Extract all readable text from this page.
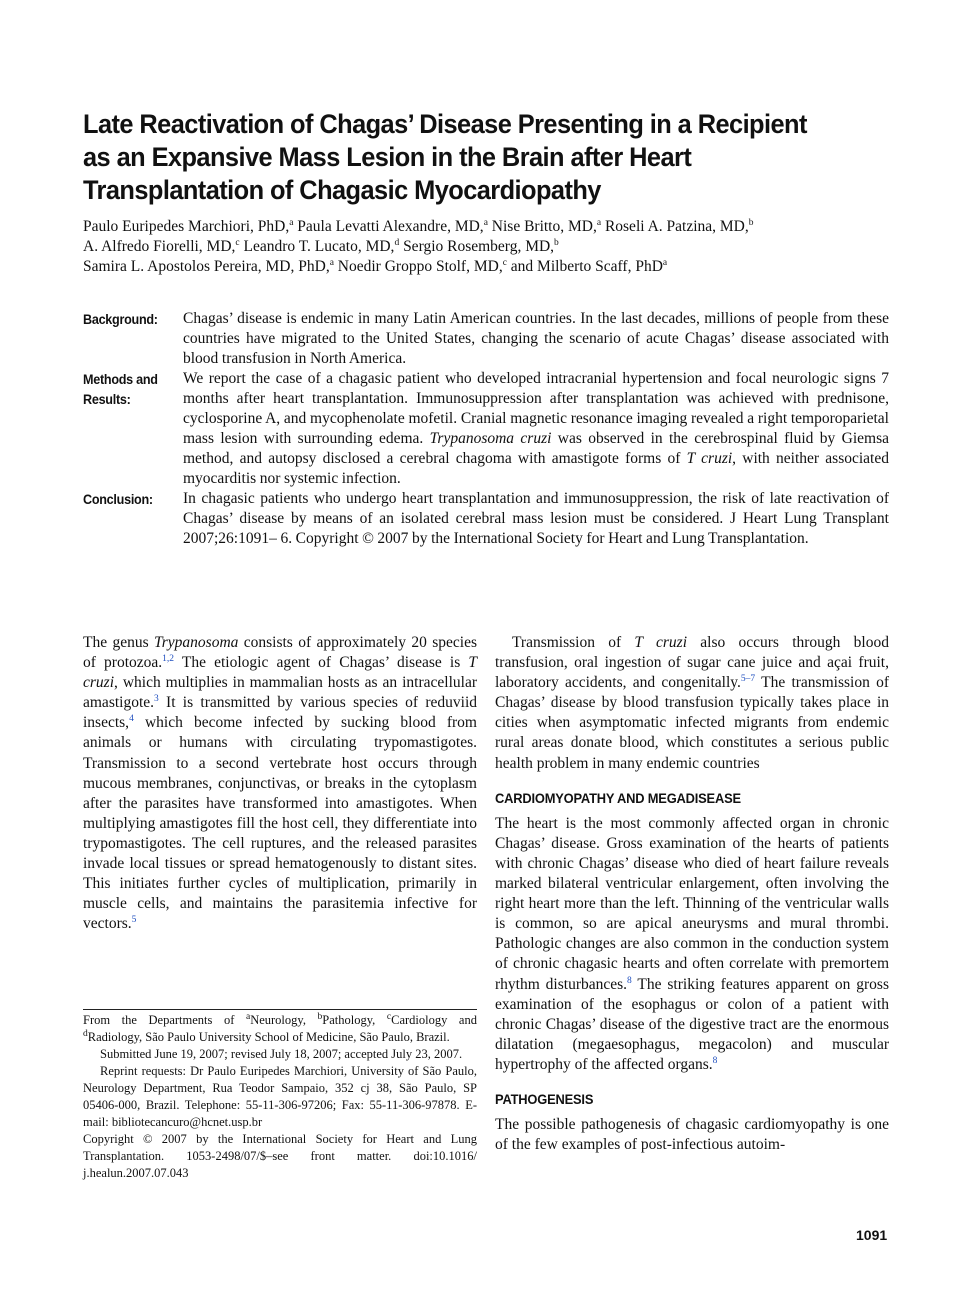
Late Reactivation of Chagas’ Disease Presenting in a Recipient
as an Expansive Mass Lesion in the Brain after Heart
Transplantation of Chagasic Myocardiopathy
Paulo Euripedes Marchiori, PhD,$^a$ Paula Levatti Alexandre, MD,$^a$ Nise Britto, MD,$^a$ Roseli A. Patzina, MD,$^b$
A. Alfredo Fiorelli, MD,$^c$ Leandro T. Lucato, MD,$^d$ Sergio Rosemberg, MD,$^b$
Samira L. Apostolos Pereira, MD, PhD,$^a$ Noedir Groppo Stolf, MD,$^c$ and Milberto Scaff, PhD$^a$
Background:	Chagas’ disease is endemic in many Latin American countries. In the last decades, millions of people from these countries have migrated to the United States, changing the scenario of acute Chagas’ disease associated with blood transfusion in North America.
Methods and
Results:
We report the case of a chagasic patient who developed intracranial hypertension and focal neurologic signs 7 months after heart transplantation. Immunosuppression after transplantation was achieved with prednisone, cyclosporine A, and mycophenolate mofetil. Cranial magnetic resonance imaging revealed a right temporoparietal mass lesion with surrounding edema. Trypanosoma cruzi was observed in the cerebrospinal fluid by Giemsa method, and autopsy disclosed a cerebral chagoma with amastigote forms of T cruzi, with neither associated myocarditis nor systemic infection.
Conclusion:	In chagasic patients who undergo heart transplantation and immunosuppression, the risk of late reactivation of Chagas’ disease by means of an isolated cerebral mass lesion must be considered. J Heart Lung Transplant 2007;26:1091– 6. Copyright © 2007 by the International Society for Heart and Lung Transplantation.

The genus Trypanosoma consists of approximately 20 species of protozoa.$^{1,2}$ The etiologic agent of Chagas’ disease is T cruzi, which multiplies in mammalian hosts as an intracellular amastigote.$^3$ It is transmitted by various species of reduviid insects,$^4$ which become infected by sucking blood from animals or humans with circulating trypomastigotes. Transmission to a second vertebrate host occurs through mucous membranes, conjunctivas, or breaks in the cytoplasm after the parasites have transformed into amastigotes. When multiplying amastigotes fill the host cell, they differentiate into trypomastigotes. The cell ruptures, and the released parasites invade local tissues or spread hematogenously to distant sites. This initiates further cycles of multiplication, primarily in muscle cells, and maintains the parasitemia infective for vectors.$^5$

Transmission of T cruzi also occurs through blood transfusion, oral ingestion of sugar cane juice and açai fruit, laboratory accidents, and congenitally.$^{5-7}$ The transmission of Chagas’ disease by blood transfusion typically takes place in cities when asymptomatic infected migrants from endemic rural areas donate blood, which constitutes a serious public health problem in many endemic countries

CARDIOMYOPATHY AND MEGADISEASE

The heart is the most commonly affected organ in chronic Chagas’ disease. Gross examination of the hearts of patients with chronic Chagas’ disease who died of heart failure reveals marked bilateral ventricular enlargement, often involving the right heart more than the left. Thinning of the ventricular walls is common, so are apical aneurysms and mural thrombi. Pathologic changes are also common in the conduction system of chronic chagasic hearts and often correlate with premortem rhythm disturbances.$^8$ The striking features apparent on gross examination of the esophagus or colon of a patient with chronic Chagas’ disease of the digestive tract are the enormous dilatation (megaesophagus, megacolon) and muscular hypertrophy of the affected organs.$^8$

PATHOGENESIS

The possible pathogenesis of chagasic cardiomyopathy is one of the few examples of post-infectious autoim-

From the Departments of $^a$Neurology, $^b$Pathology, $^c$Cardiology and $^d$Radiology, São Paulo University School of Medicine, São Paulo, Brazil.

Submitted June 19, 2007; revised July 18, 2007; accepted July 23, 2007.

Reprint requests: Dr Paulo Euripedes Marchiori, University of São Paulo, Neurology Department, Rua Teodor Sampaio, 352 cj 38, São Paulo, SP 05406-000, Brazil. Telephone: 55-11-306-97206; Fax: 55-11-306-97878. E-mail: bibliotecancuro@hcnet.usp.br

Copyright © 2007 by the International Society for Heart and Lung Transplantation. 1053-2498/07/$–see front matter. doi:10.1016/ j.healun.2007.07.043

1091
